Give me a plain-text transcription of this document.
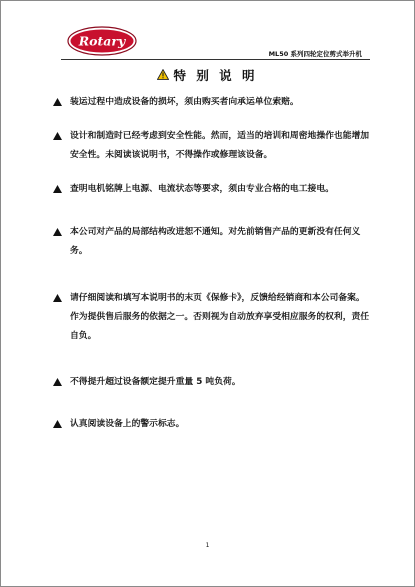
Rotary
ML50 系列四轮定位剪式举升机
特 别 说 明
装运过程中造成设备的损坏，须由购买者向承运单位索赔。
设计和制造时已经考虑到安全性能。然而，适当的培训和周密地操作也能增加安全性。未阅读该说明书，不得操作或修理该设备。
查明电机铭牌上电源、电流状态等要求，须由专业合格的电工接电。
本公司对产品的局部结构改进恕不通知。对先前销售产品的更新没有任何义务。
请仔细阅读和填写本说明书的末页《保修卡》，反馈给经销商和本公司备案。作为提供售后服务的依据之一。否则视为自动放弃享受相应服务的权利，责任自负。
不得提升超过设备额定提升重量 5 吨负荷。
认真阅读设备上的警示标志。
1
